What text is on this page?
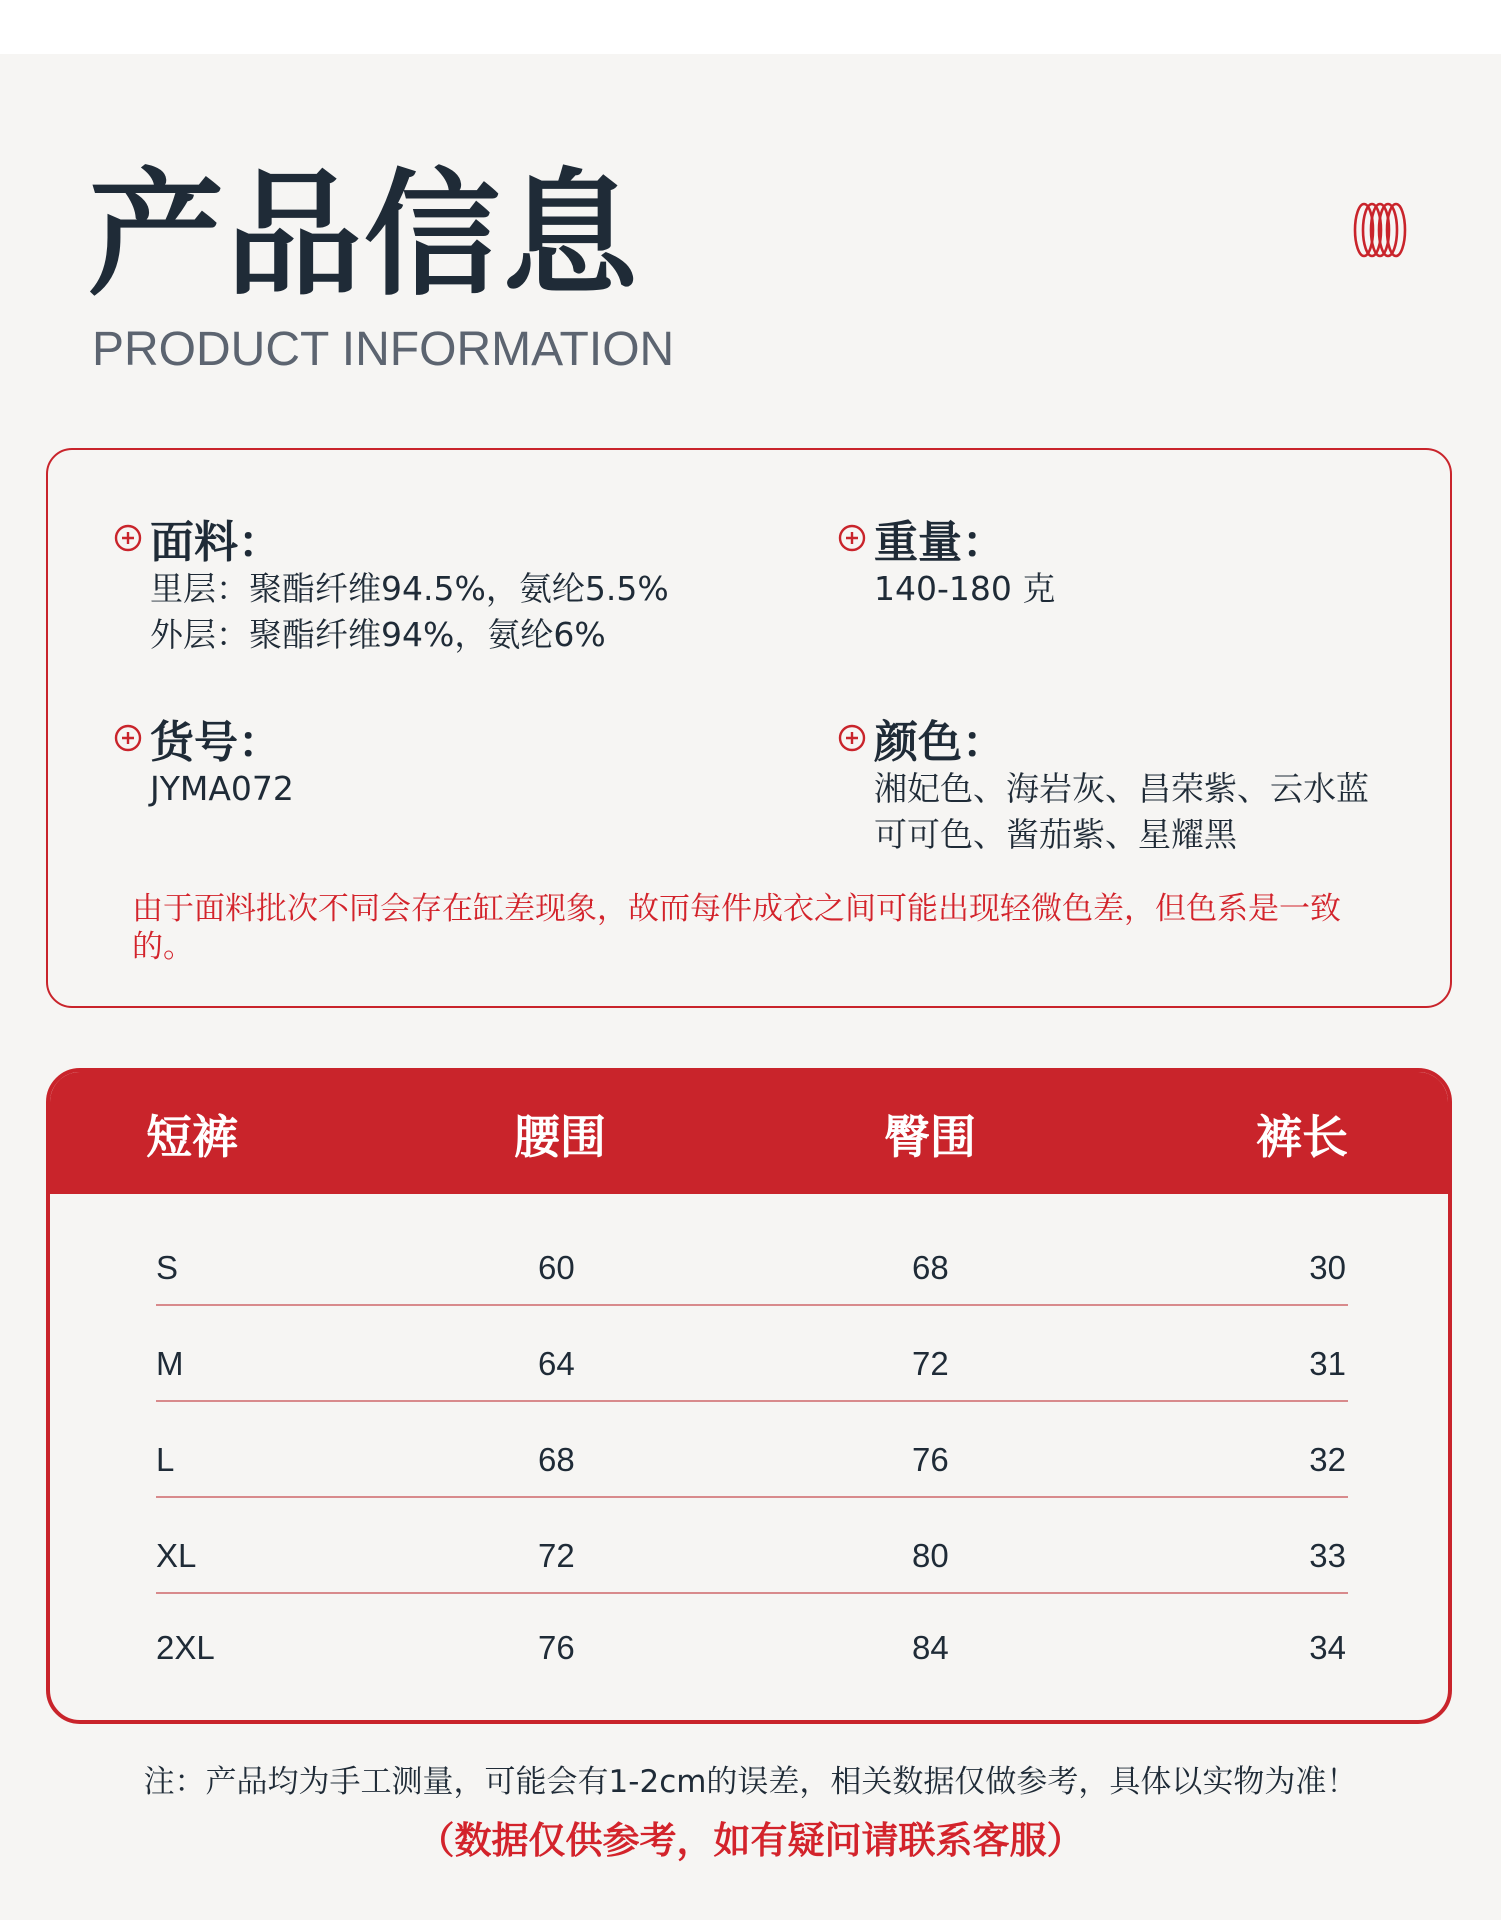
产品信息
PRODUCT INFORMATION
面料：
里层：聚酯纤维94.5%，氨纶5.5%
外层：聚酯纤维94%，氨纶6%
重量：
140-180 克
货号：
JYMA072
颜色：
湘妃色、海岩灰、昌荣紫、云水蓝
可可色、酱茄紫、星耀黑
由于面料批次不同会存在缸差现象，故而每件成衣之间可能出现轻微色差，但色系是一致的。
短裤	腰围	臀围	裤长
S	60	68	30
M	64	72	31
L	68	76	32
XL	72	80	33
2XL	76	84	34
注：产品均为手工测量，可能会有1-2cm的误差，相关数据仅做参考，具体以实物为准！
（数据仅供参考，如有疑问请联系客服）
